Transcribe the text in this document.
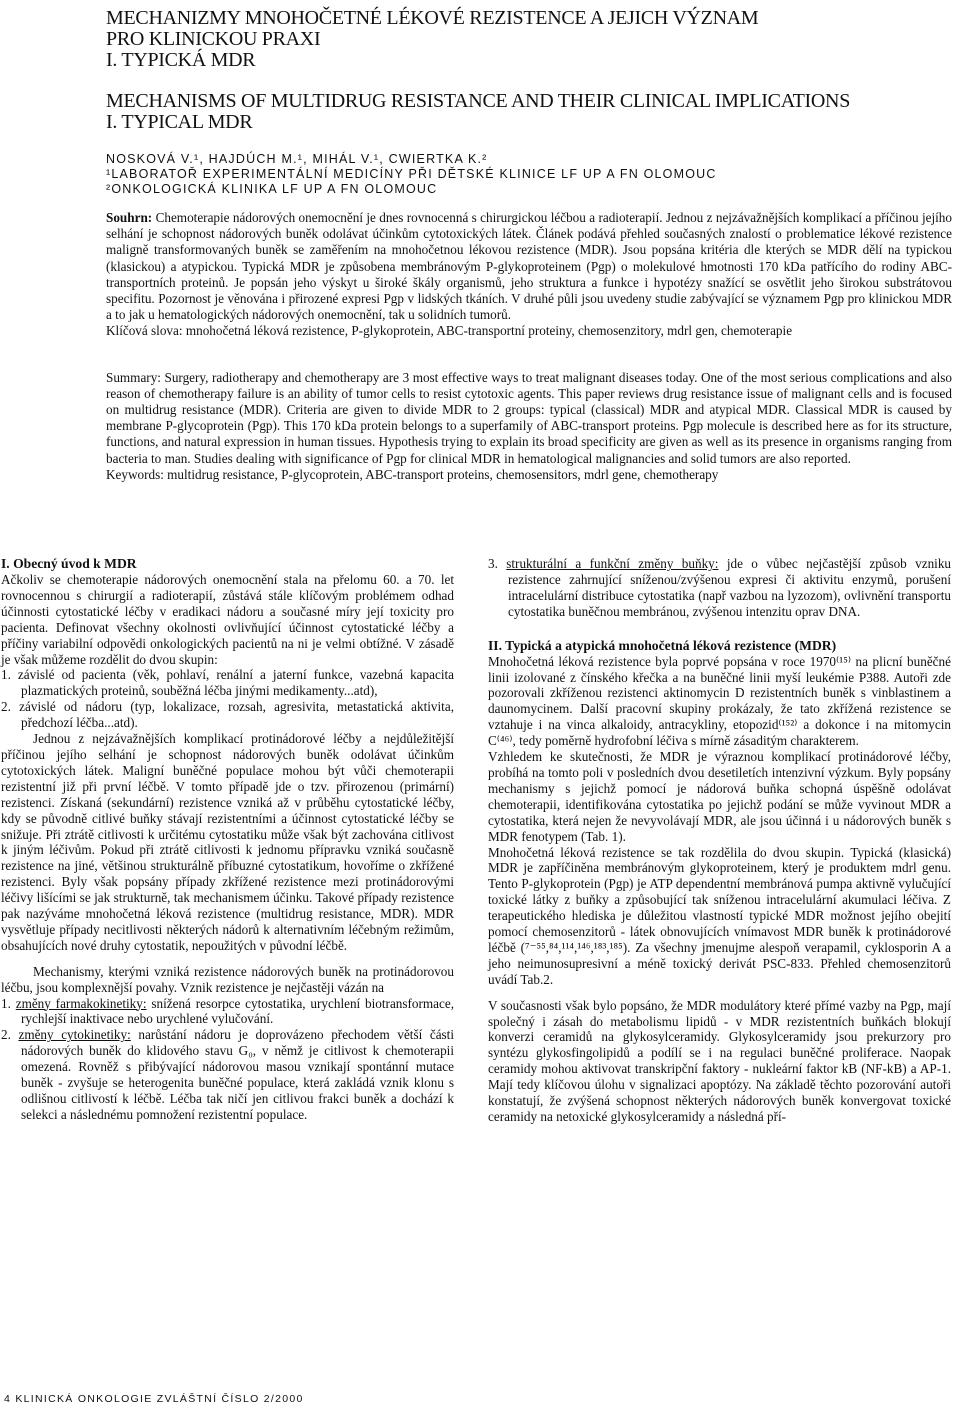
MECHANIZMY MNOHOČETNÉ LÉKOVÉ REZISTENCE A JEJICH VÝZNAM
PRO KLINICKOU PRAXI
I. TYPICKÁ MDR
MECHANISMS OF MULTIDRUG RESISTANCE AND THEIR CLINICAL IMPLICATIONS
I. TYPICAL MDR
NOSKOVÁ V.¹, HAJDÚCH M.¹, MIHÁL V.¹, CWIERTKA K.²
¹LABORATOŘ EXPERIMENTÁLNÍ MEDICÍNY PŘI DĚTSKÉ KLINICE LF UP A FN OLOMOUC
²ONKOLOGICKÁ KLINIKA LF UP A FN OLOMOUC

Souhrn: Chemoterapie nádorových onemocnění je dnes rovnocenná s chirurgickou léčbou a radioterapií. Jednou z nejzávažnějších komplikací a příčinou jejího selhání je schopnost nádorových buněk odolávat účinkům cytotoxických látek. Článek podává přehled současných znalostí o problematice lékové rezistence maligně transformovaných buněk se zaměřením na mnohočetnou lékovou rezistence (MDR). Jsou popsána kritéria dle kterých se MDR dělí na typickou (klasickou) a atypickou. Typická MDR je způsobena membránovým P-glykoproteinem (Pgp) o molekulové hmotnosti 170 kDa patřícího do rodiny ABC-transportních proteinů. Je popsán jeho výskyt u široké škály organismů, jeho struktura a funkce i hypotézy snažící se osvětlit jeho širokou substrátovou specifitu. Pozornost je věnována i přirozené expresi Pgp v lidských tkáních. V druhé půli jsou uvedeny studie zabývající se významem Pgp pro klinickou MDR a to jak u hematologických nádorových onemocnění, tak u solidních tumorů.

Klíčová slova: mnohočetná léková rezistence, P-glykoprotein, ABC-transportní proteiny, chemosenzitory, mdrl gen, chemoterapie

Summary: Surgery, radiotherapy and chemotherapy are 3 most effective ways to treat malignant diseases today. One of the most serious complications and also reason of chemotherapy failure is an ability of tumor cells to resist cytotoxic agents. This paper reviews drug resistance issue of malignant cells and is focused on multidrug resistance (MDR). Criteria are given to divide MDR to 2 groups: typical (classical) MDR and atypical MDR. Classical MDR is caused by membrane P-glycoprotein (Pgp). This 170 kDa protein belongs to a superfamily of ABC-transport proteins. Pgp molecule is described here as for its structure, functions, and natural expression in human tissues. Hypothesis trying to explain its broad specificity are given as well as its presence in organisms ranging from bacteria to man. Studies dealing with significance of Pgp for clinical MDR in hematological malignancies and solid tumors are also reported.

Keywords: multidrug resistance, P-glycoprotein, ABC-transport proteins, chemosensitors, mdrl gene, chemotherapy

I. Obecný úvod k MDR

Ačkoliv se chemoterapie nádorových onemocnění stala na přelomu 60. a 70. let rovnocennou s chirurgií a radioterapií, zůstává stále klíčovým problémem odhad účinnosti cytostatické léčby v eradikaci nádoru a současné míry její toxicity pro pacienta. Definovat všechny okolnosti ovlivňující účinnost cytostatické léčby a příčiny variabilní odpovědi onkologických pacientů na ni je velmi obtížné. V zásadě je však můžeme rozdělit do dvou skupin:

1. závislé od pacienta (věk, pohlaví, renální a jaterní funkce, vazebná kapacita plazmatických proteinů, souběžná léčba jinými medikamenty...atd),

2. závislé od nádoru (typ, lokalizace, rozsah, agresivita, metastatická aktivita, předchozí léčba...atd).

Jednou z nejzávažnějších komplikací protinádorové léčby a nejdůležitější příčinou jejího selhání je schopnost nádorových buněk odolávat účinkům cytotoxických látek. Maligní buněčné populace mohou být vůči chemoterapii rezistentní již při první léčbě. V tomto případě jde o tzv. přirozenou (primární) rezistenci. Získaná (sekundární) rezistence vzniká až v průběhu cytostatické léčby, kdy se původně citlivé buňky stávají rezistentními a účinnost cytostatické léčby se snižuje. Při ztrátě citlivosti k určitému cytostatiku může však být zachována citlivost k jiným léčivům. Pokud při ztrátě citlivosti k jednomu přípravku vzniká současně rezistence na jiné, většinou strukturálně příbuzné cytostatikum, hovoříme o zkřížené rezistenci. Byly však popsány případy zkřížené rezistence mezi protinádorovými léčivy lišícími se jak strukturně, tak mechanismem účinku. Takové případy rezistence pak nazýváme mnohočetná léková rezistence (multidrug resistance, MDR). MDR vysvětluje případy necitlivosti některých nádorů k alternativním léčebným režimům, obsahujících nové druhy cytostatik, nepoužitých v původní léčbě.

Mechanismy, kterými vzniká rezistence nádorových buněk na protinádorovou léčbu, jsou komplexnější povahy. Vznik rezistence je nejčastěji vázán na

1. změny farmakokinetiky: snížená resorpce cytostatika, urychlení biotransformace, rychlejší inaktivace nebo urychlené vylučování.

2. změny cytokinetiky: narůstání nádoru je doprovázeno přechodem větší části nádorových buněk do klidového stavu G₀, v němž je citlivost k chemoterapii omezená. Rovněž s přibývající nádorovou masou vznikají spontánní mutace buněk - zvyšuje se heterogenita buněčné populace, která zakládá vznik klonu s odlišnou citlivostí k léčbě. Léčba tak ničí jen citlivou frakci buněk a dochází k selekci a následnému pomnožení rezistentní populace.

3. strukturální a funkční změny buňky: jde o vůbec nejčastější způsob vzniku rezistence zahrnující sníženou/zvýšenou expresi či aktivitu enzymů, porušení intracelulární distribuce cytostatika (např vazbou na lyzozom), ovlivnění transportu cytostatika buněčnou membránou, zvýšenou intenzitu oprav DNA.

II. Typická a atypická mnohočetná léková rezistence (MDR)

Mnohočetná léková rezistence byla poprvé popsána v roce 1970⁽¹⁵⁾ na plicní buněčné linii izolované z čínského křečka a na buněčné linii myší leukémie P388. Autoři zde pozorovali zkříženou rezistenci aktinomycin D rezistentních buněk s vinblastinem a daunomycinem. Další pracovní skupiny prokázaly, že tato zkřížená rezistence se vztahuje i na vinca alkaloidy, antracykliny, etopozid⁽¹⁵²⁾ a dokonce i na mitomycin C⁽⁴⁶⁾, tedy poměrně hydrofobní léčiva s mírně zásaditým charakterem.

Vzhledem ke skutečnosti, že MDR je výraznou komplikací protinádorové léčby, probíhá na tomto poli v posledních dvou desetiletích intenzivní výzkum. Byly popsány mechanismy s jejichž pomocí je nádorová buňka schopná úspěšně odolávat chemoterapii, identifikována cytostatika po jejichž podání se může vyvinout MDR a cytostatika, která nejen že nevyvolávají MDR, ale jsou účinná i u nádorových buněk s MDR fenotypem (Tab. 1).

Mnohočetná léková rezistence se tak rozdělila do dvou skupin. Typická (klasická) MDR je zapříčiněna membránovým glykoproteinem, který je produktem mdrl genu. Tento P-glykoprotein (Pgp) je ATP dependentní membránová pumpa aktivně vylučující toxické látky z buňky a způsobující tak sníženou intracelulární akumulaci léčiva. Z terapeutického hlediska je důležitou vlastností typické MDR možnost jejího obejití pomocí chemosenzitorů - látek obnovujících vnímavost MDR buněk k protinádorové léčbě (⁷⁻⁵⁵,⁸⁴,¹¹⁴,¹⁴⁶,¹⁸³,¹⁸⁵). Za všechny jmenujme alespoň verapamil, cyklosporin A a jeho neimunosupresivní a méně toxický derivát PSC-833. Přehled chemosenzitorů uvádí Tab.2.

V současnosti však bylo popsáno, že MDR modulátory které přímé vazby na Pgp, mají společný i zásah do metabolismu lipidů - v MDR rezistentních buňkách blokují konverzi ceramidů na glykosylceramidy. Glykosylceramidy jsou prekurzory pro syntézu glykosfingolipidů a podílí se i na regulaci buněčné proliferace. Naopak ceramidy mohou aktivovat transkripční faktory - nukleární faktor kB (NF-kB) a AP-1. Mají tedy klíčovou úlohu v signalizaci apoptózy. Na základě těchto pozorování autoři konstatují, že zvýšená schopnost některých nádorových buněk konvergovat toxické ceramidy na netoxické glykosylceramidy a následná pří-

4 KLINICKÁ ONKOLOGIE ZVLÁŠTNÍ ČÍSLO 2/2000
